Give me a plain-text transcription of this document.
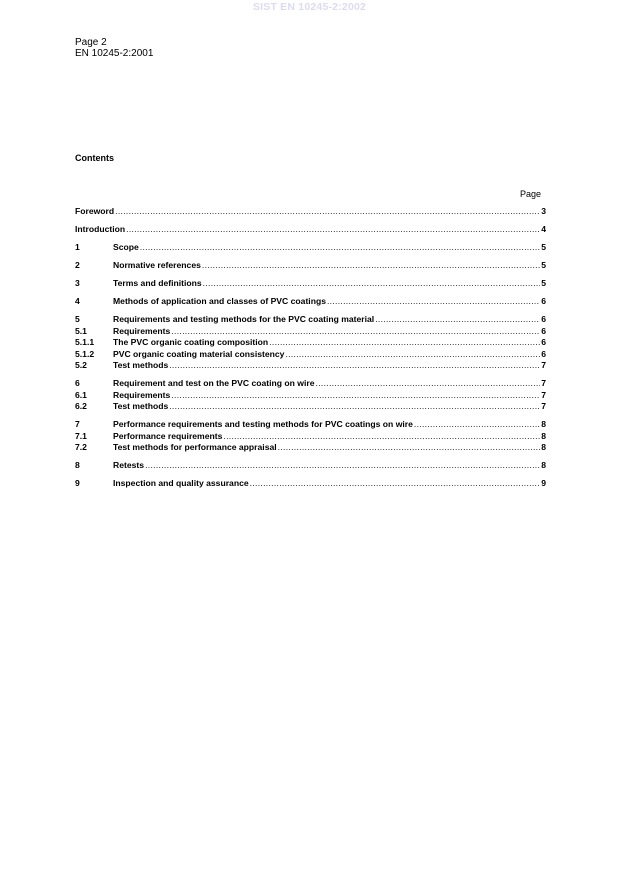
SIST EN 10245-2:2002
Page 2
EN 10245-2:2001
Contents
Page
Foreword .....	3
Introduction .....	4
1	Scope .....	5
2	Normative references .....	5
3	Terms and definitions .....	5
4	Methods of application and classes of PVC coatings .....	6
5	Requirements and testing methods for the PVC coating material .....	6
5.1	Requirements .....	6
5.1.1	The PVC organic coating composition .....	6
5.1.2	PVC organic coating material consistency .....	6
5.2	Test methods .....	7
6	Requirement and test on the PVC coating on wire .....	7
6.1	Requirements .....	7
6.2	Test methods .....	7
7	Performance requirements and testing methods for PVC coatings on wire .....	8
7.1	Performance requirements .....	8
7.2	Test methods for performance appraisal .....	8
8	Retests .....	8
9	Inspection and quality assurance .....	9
